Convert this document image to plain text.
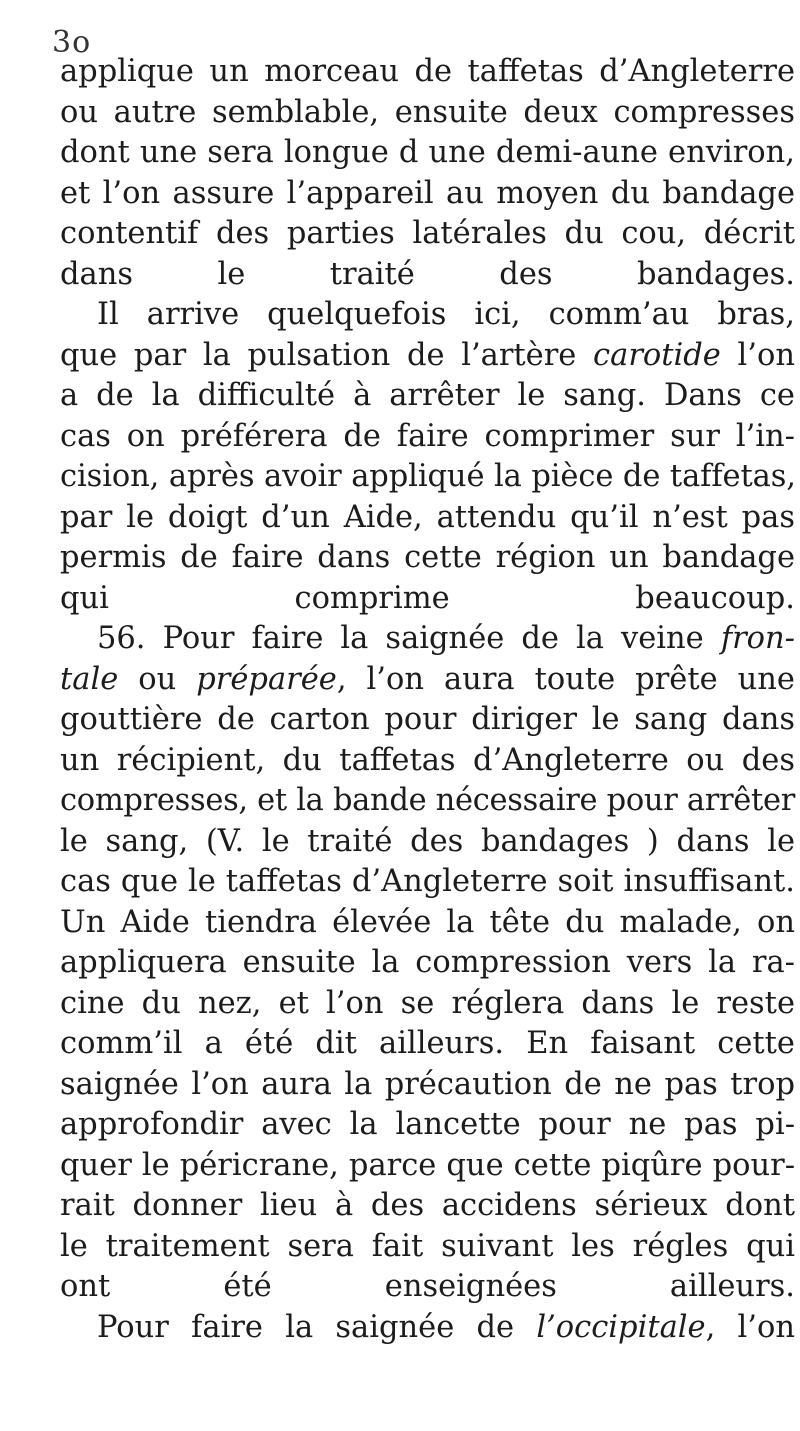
3o
applique un morceau de taffetas d’Angleterre
ou autre semblable, ensuite deux compresses
dont une sera longue d une demi-aune environ,
et l’on assure l’appareil au moyen du bandage
contentif des parties latérales du cou, décrit
dans le traité des bandages.
Il arrive quelquefois ici, comm’au bras,
que par la pulsation de l’artère carotide l’on
a de la difficulté à arrêter le sang. Dans ce
cas on préférera de faire comprimer sur l’in-
cision, après avoir appliqué la pièce de taffetas,
par le doigt d’un Aide, attendu qu’il n’est pas
permis de faire dans cette région un bandage
qui comprime beaucoup.
56. Pour faire la saignée de la veine fron-
tale ou préparée, l’on aura toute prête une
gouttière de carton pour diriger le sang dans
un récipient, du taffetas d’Angleterre ou des
compresses, et la bande nécessaire pour arrêter
le sang, (V. le traité des bandages ) dans le
cas que le taffetas d’Angleterre soit insuffisant.
Un Aide tiendra élevée la tête du malade, on
appliquera ensuite la compression vers la ra-
cine du nez, et l’on se réglera dans le reste
comm’il a été dit ailleurs. En faisant cette
saignée l’on aura la précaution de ne pas trop
approfondir avec la lancette pour ne pas pi-
quer le péricrane, parce que cette piqûre pour-
rait donner lieu à des accidens sérieux dont
le traitement sera fait suivant les régles qui
ont été enseignées ailleurs.
Pour faire la saignée de l’occipitale, l’on
